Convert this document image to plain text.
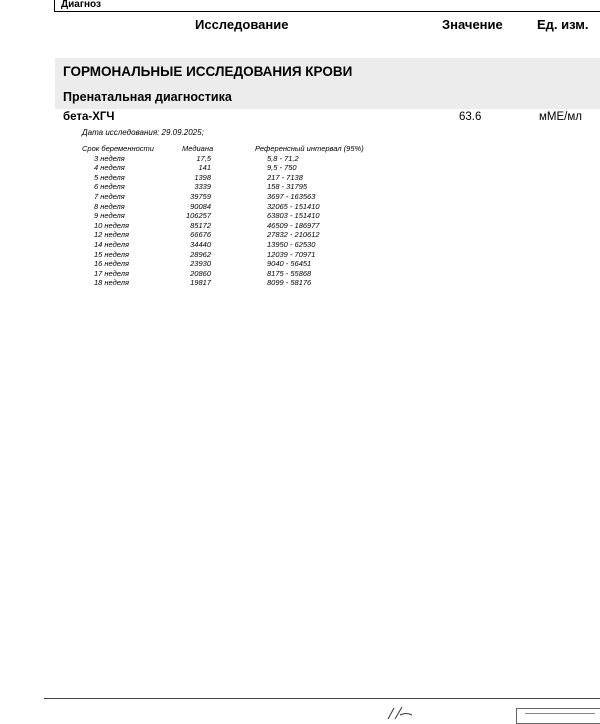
Диагноз
Исследование	Значение	Ед. изм.
ГОРМОНАЛЬНЫЕ ИССЛЕДОВАНИЯ КРОВИ
Пренатальная диагностика
бета-ХГЧ	63.6	мМЕ/мл
Дата исследования: 29.09.2025;
Срок беременности	Медиана	Референсный интервал (95%)
3 неделя	17,5	5,8 - 71,2
4 неделя	141	9,5 - 750
5 неделя	1398	217 - 7138
6 неделя	3339	158 - 31795
7 неделя	39759	3697 - 163563
8 неделя	90084	32065 - 151410
9 неделя	106257	63803 - 151410
10 неделя	85172	46509 - 186977
12 неделя	66676	27832 - 210612
14 неделя	34440	13950 - 62530
15 неделя	28962	12039 - 70971
16 неделя	23930	9040 - 56451
17 неделя	20860	8175 - 55868
18 неделя	19817	8099 - 58176
